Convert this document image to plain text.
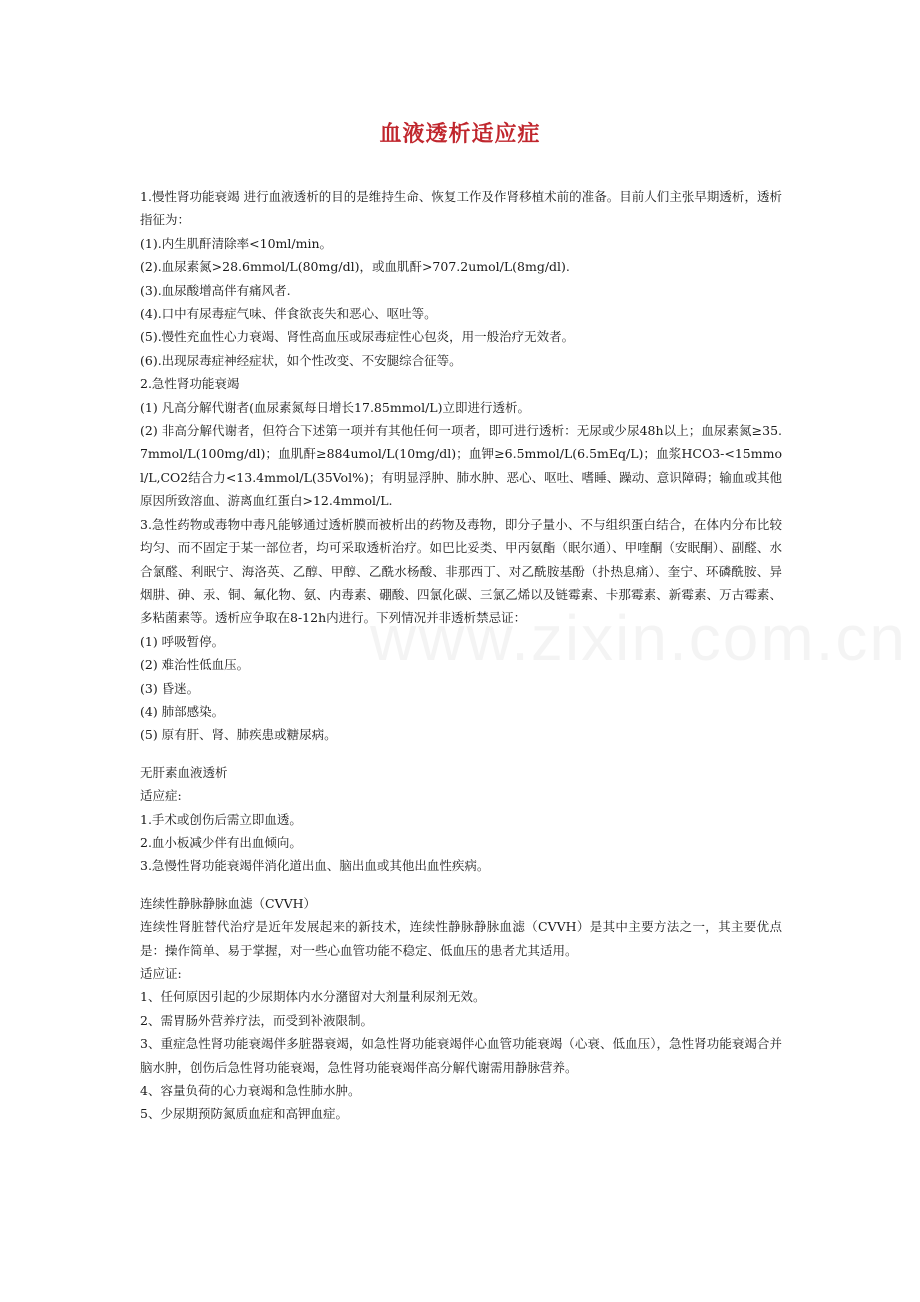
血液透析适应症

1.慢性肾功能衰竭 进行血液透析的目的是维持生命、恢复工作及作肾移植术前的准备。目前人们主张早期透析，透析指征为：

(1).内生肌酐清除率<10ml/min。

(2).血尿素氮>28.6mmol/L(80mg/dl)，或血肌酐>707.2umol/L(8mg/dl).

(3).血尿酸增高伴有痛风者.

(4).口中有尿毒症气味、伴食欲丧失和恶心、呕吐等。

(5).慢性充血性心力衰竭、肾性高血压或尿毒症性心包炎，用一般治疗无效者。

(6).出现尿毒症神经症状，如个性改变、不安腿综合征等。

2.急性肾功能衰竭

(1) 凡高分解代谢者(血尿素氮每日增长17.85mmol/L)立即进行透析。

(2) 非高分解代谢者，但符合下述第一项并有其他任何一项者，即可进行透析：无尿或少尿48h以上；血尿素氮≥35.7mmol/L(100mg/dl)；血肌酐≥884umol/L(10mg/dl)；血钾≥6.5mmol/L(6.5mEq/L)；血浆HCO3-<15mmol/L,CO2结合力<13.4mmol/L(35Vol%)；有明显浮肿、肺水肿、恶心、呕吐、嗜睡、躁动、意识障碍；输血或其他原因所致溶血、游离血红蛋白>12.4mmol/L.

3.急性药物或毒物中毒凡能够通过透析膜而被析出的药物及毒物，即分子量小、不与组织蛋白结合，在体内分布比较均匀、而不固定于某一部位者，均可采取透析治疗。如巴比妥类、甲丙氨酯（眠尔通）、甲喹酮（安眠酮）、副醛、水合氯醛、利眠宁、海洛英、乙醇、甲醇、乙酰水杨酸、非那西丁、对乙酰胺基酚（扑热息痛）、奎宁、环磷酰胺、异烟肼、砷、汞、铜、氟化物、氨、内毒素、硼酸、四氯化碳、三氯乙烯以及链霉素、卡那霉素、新霉素、万古霉素、多粘菌素等。透析应争取在8-12h内进行。下列情况并非透析禁忌证：

(1) 呼吸暂停。

(2) 难治性低血压。

(3) 昏迷。

(4) 肺部感染。

(5) 原有肝、肾、肺疾患或糖尿病。

无肝素血液透析

适应症:

1.手术或创伤后需立即血透。

2.血小板减少伴有出血倾向。

3.急慢性肾功能衰竭伴消化道出血、脑出血或其他出血性疾病。

连续性静脉静脉血滤（CVVH）

连续性肾脏替代治疗是近年发展起来的新技术，连续性静脉静脉血滤（CVVH）是其中主要方法之一，其主要优点是：操作简单、易于掌握，对一些心血管功能不稳定、低血压的患者尤其适用。

适应证:

1、任何原因引起的少尿期体内水分潴留对大剂量利尿剂无效。

2、需胃肠外营养疗法，而受到补液限制。

3、重症急性肾功能衰竭伴多脏器衰竭，如急性肾功能衰竭伴心血管功能衰竭（心衰、低血压），急性肾功能衰竭合并脑水肿，创伤后急性肾功能衰竭，急性肾功能衰竭伴高分解代谢需用静脉营养。

4、容量负荷的心力衰竭和急性肺水肿。

5、少尿期预防氮质血症和高钾血症。
